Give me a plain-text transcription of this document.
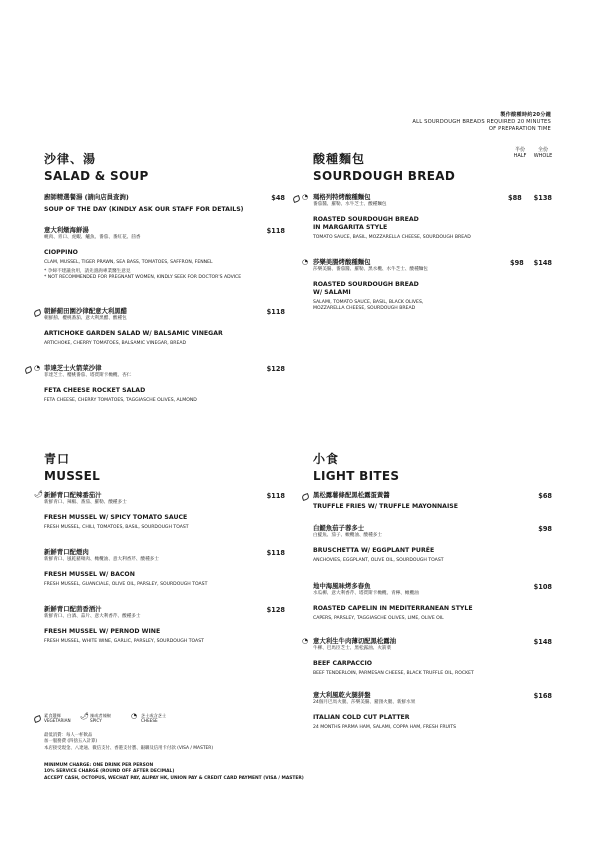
製作酸種時約20分鐘
ALL SOURDOUGH BREADS REQUIRED 20 MINUTES
OF PREPARATION TIME
沙律、湯
SALAD & SOUP
廚師精選餐湯 (請向店員查詢)
SOUP OF THE DAY (KINDLY ASK OUR STAFF FOR DETAILS)
$48
意大利燉海鮮湯
蜆肉、青口、虎蝦、鱸魚、番茄、番紅花、茴香
CIOPPINO
CLAM, MUSSEL, TIGER PRAWN, SEA BASS, TOMATOES, SAFFRON, FENNEL
* 孕婦不建議食用，請先諮詢專業醫生意見
* NOT RECOMMENDED FOR PREGNANT WOMEN, KINDLY SEEK FOR DOCTOR'S ADVICE
$118
朝鮮薊田園沙律配意大利黑醋
朝鮮薊、櫻桃番茄、意大利黑醋、酸種包
ARTICHOKE GARDEN SALAD W/ BALSAMIC VINEGAR
ARTICHOKE, CHERRY TOMATOES, BALSAMIC VINEGAR, BREAD
$118
◔ 菲達芝士火箭菜沙律
菲達芝士、櫻桃番茄、塔賈斯卡橄欖、杏仁
FETA CHEESE ROCKET SALAD
FETA CHEESE, CHERRY TOMATOES, TAGGIASCHE OLIVES, ALMOND
$128
酸種麵包
SOURDOUGH BREAD
半份
HALF
全份
WHOLE
◔ 瑪格列特烤酸種麵包
番茄醬、羅勒、水牛芝士、酸種麵包
ROASTED SOURDOUGH BREAD
IN MARGARITA STYLE
TOMATO SAUCE, BASIL, MOZZARELLA CHEESE, SOURDOUGH BREAD
$88 $138
◔ 莎樂美腸烤酸種麵包
莎樂美腸、番茄醬、羅勒、黑水欖、水牛芝士、酸種麵包
ROASTED SOURDOUGH BREAD
W/ SALAMI
SALAMI, TOMATO SAUCE, BASIL, BLACK OLIVES,
MOZZARELLA CHEESE, SOURDOUGH BREAD
$98 $148
青口
MUSSEL
🌶 新鮮青口配辣番茄汁
新鮮青口、辣椒、番茄、羅勒、酸種多士
FRESH MUSSEL W/ SPICY TOMATO SAUCE
FRESH MUSSEL, CHILI, TOMATOES, BASIL, SOURDOUGH TOAST
$118
新鮮青口配煙肉
新鮮青口、風乾豬頰肉、橄欖油、意大利香芹、酸種多士
FRESH MUSSEL W/ BACON
FRESH MUSSEL, GUANCIALE, OLIVE OIL, PARSLEY, SOURDOUGH TOAST
$118
新鮮青口配茴香酒汁
新鮮青口、白酒、蒜片、意大利香芹、酸種多士
FRESH MUSSEL W/ PERNOD WINE
FRESH MUSSEL, WHITE WINE, GARLIC, PARSLEY, SOURDOUGH TOAST
$128
小食
LIGHT BITES
黑松露薯條配黑松露蛋黃醬
TRUFFLE FRIES W/ TRUFFLE MAYONNAISE
$68
白鯷魚茄子蓉多士
白鯷魚、茄子、橄欖油、酸種多士
BRUSCHETTA W/ EGGPLANT PURÉE
ANCHOVIES, EGGPLANT, OLIVE OIL, SOURDOUGH TOAST
$98
地中海風味烤多春魚
水瓜柳、意大利香芹、塔賈斯卡橄欖、青檸、橄欖油
ROASTED CAPELIN IN MEDITERRANEAN STYLE
CAPERS, PARSLEY, TAGGIASCHE OLIVES, LIME, OLIVE OIL
$108
◔ 意大利生牛肉薄切配黑松露油
牛柳、巴馬臣芝士、黑松露油、火箭菜
BEEF CARPACCIO
BEEF TENDERLOIN, PARMESAN CHEESE, BLACK TRUFFLE OIL, ROCKET
$148
意大利風乾火腿拼盤
24個月巴馬火腿、莎樂美腸、豬頸火腿、新鮮水果
ITALIAN COLD CUT PLATTER
24 MONTHS PARMA HAM, SALAMI, COPPA HAM, FRESH FRUITS
$168
素食選擇
VEGETARIAN
🌶 辣或者辣椒
SPICY
◔ 芝士或含芝士
CHEESE
最低消費：每人一杯飲品
加一服務費 (四捨五入計算)
本店接受現金、八達通、微信支付、香港支付寶、銀聯及信用卡付款 (VISA / MASTER)
MINIMUM CHARGE: ONE DRINK PER PERSON
10% SERVICE CHARGE (ROUND OFF AFTER DECIMAL)
ACCEPT CASH, OCTOPUS, WECHAT PAY, ALIPAY HK, UNION PAY & CREDIT CARD PAYMENT (VISA / MASTER)
